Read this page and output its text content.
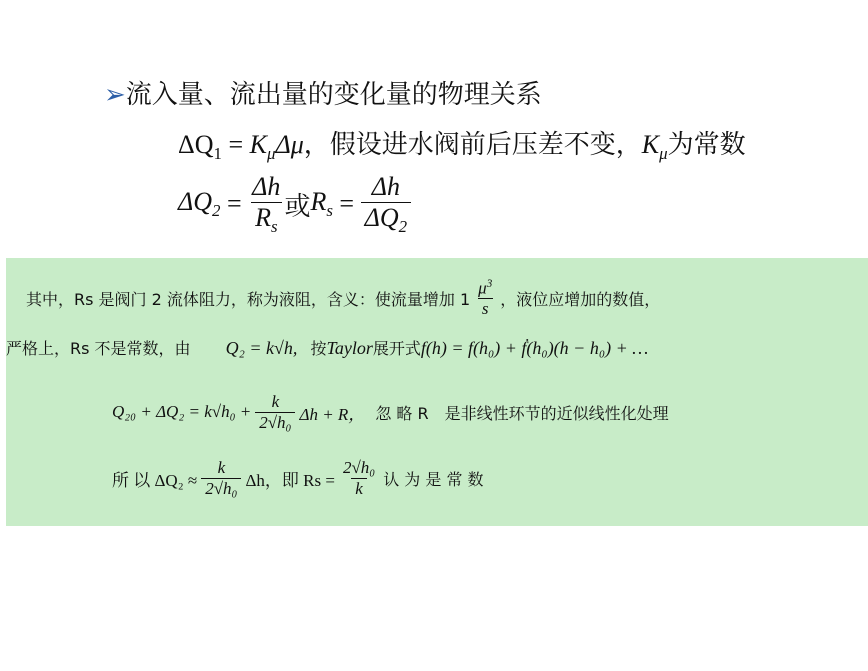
➢流入量、流出量的变化量的物理关系
$\Delta Q_1 = K_\mu\Delta\mu$，假设进水阀前后压差不变，$K_\mu$为常数
$\Delta Q_2 = \frac{\Delta h}{R_s}$ 或 $R_s = \frac{\Delta h}{\Delta Q_2}$
其中，Rs 是阀门 2 流体阻力，称为液阻，含义：使流量增加 $1 \frac{\mu^3}{s}$ ，液位应增加的数值，
严格上，Rs 不是常数，由 Q₂ = k√h, 按Taylor展开式f(h) = f(h₀) + ḟ(h₀)(h − h₀) + …
$Q_{20} + \Delta Q_2 = k√h_0 + \frac{k}{\text{2√h₀}}$ Δh + R， 忽 略 R　是非线性环节的近似线性化处理
所 以 $\Delta Q_2 \approx \frac{k}{\text{2√h₀}}$ Δh，即 $Rs = \frac{\text{2√h₀}}{k}$ 认 为 是 常 数
